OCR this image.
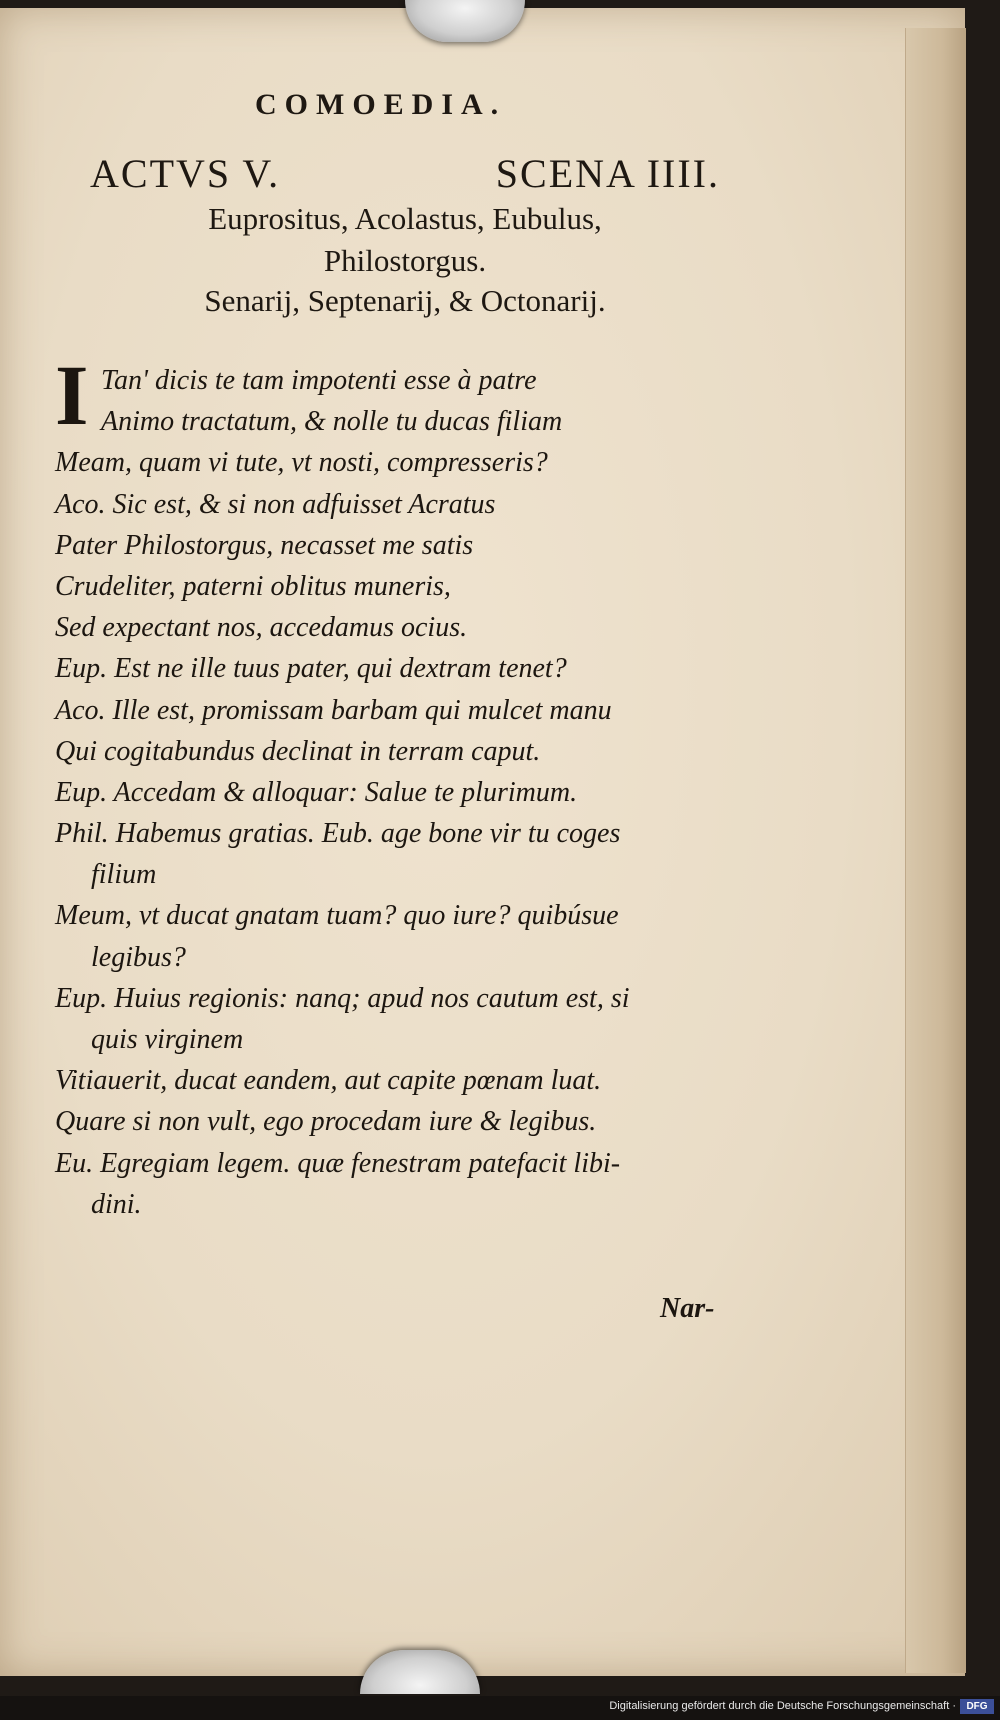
COMOEDIA.
ACTVS V.	SCENA IIII.
Euprositus, Acolastus, Eubulus,
Philostorgus.
Senarij, Septenarij, & Octonarij.
I Tan' dicis te tam impotenti esse à patre
Animo tractatum, & nolle tu ducas filiam
Meam, quam vi tute, vt nosti, compresseris?
Aco. Sic est, & si non adfuisset Acratus
Pater Philostorgus, necasset me satis
Crudeliter, paterni oblitus muneris,
Sed expectant nos, accedamus ocius.
Eup. Est ne ille tuus pater, qui dextram tenet?
Aco. Ille est, promissam barbam qui mulcet manu
Qui cogitabundus declinat in terram caput.
Eup. Accedam & alloquar: Salue te plurimum.
Phil. Habemus gratias. Eub. age bone vir tu coges
filium
Meum, vt ducat gnatam tuam? quo iure? quibúsue
legibus?
Eup. Huius regionis: nanq; apud nos cautum est, si
quis virginem
Vitiauerit, ducat eandem, aut capite pœnam luat.
Quare si non vult, ego procedam iure & legibus.
Eu. Egregiam legem. quæ fenestram patefacit libi-
dini.
Nar-
Digitalisierung gefördert durch die Deutsche Forschungsgemeinschaft ·	DFG
